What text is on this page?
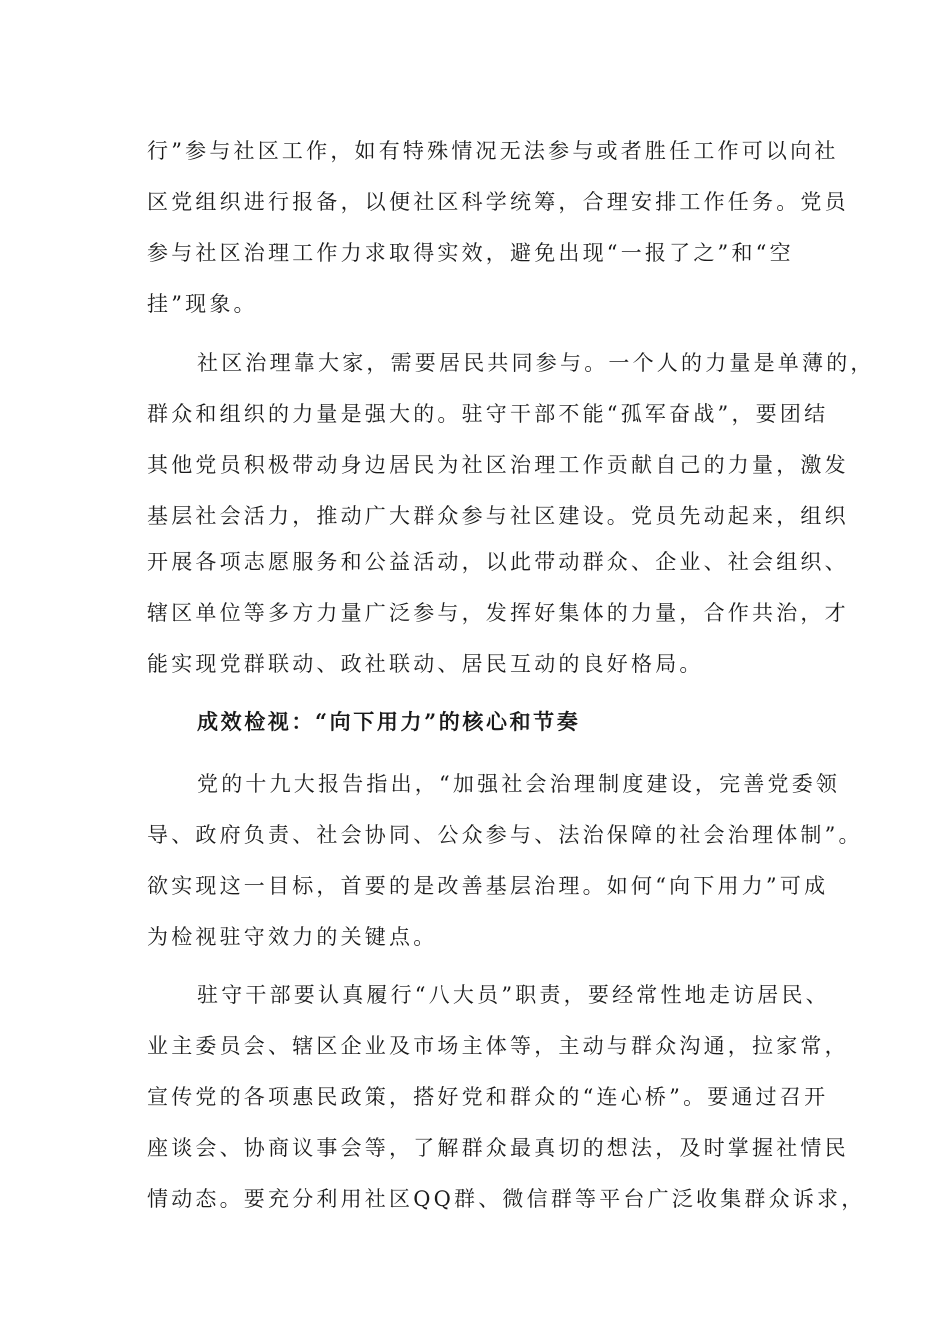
行”参与社区工作，如有特殊情况无法参与或者胜任工作可以向社
区党组织进行报备，以便社区科学统筹，合理安排工作任务。党员
参与社区治理工作力求取得实效，避免出现“一报了之”和“空
挂”现象。
社区治理靠大家，需要居民共同参与。一个人的力量是单薄的，
群众和组织的力量是强大的。驻守干部不能“孤军奋战”，要团结
其他党员积极带动身边居民为社区治理工作贡献自己的力量，激发
基层社会活力，推动广大群众参与社区建设。党员先动起来，组织
开展各项志愿服务和公益活动，以此带动群众、企业、社会组织、
辖区单位等多方力量广泛参与，发挥好集体的力量，合作共治，才
能实现党群联动、政社联动、居民互动的良好格局。
成效检视：“向下用力”的核心和节奏
党的十九大报告指出，“加强社会治理制度建设，完善党委领
导、政府负责、社会协同、公众参与、法治保障的社会治理体制”。
欲实现这一目标，首要的是改善基层治理。如何“向下用力”可成
为检视驻守效力的关键点。
驻守干部要认真履行“八大员”职责，要经常性地走访居民、
业主委员会、辖区企业及市场主体等，主动与群众沟通，拉家常，
宣传党的各项惠民政策，搭好党和群众的“连心桥”。要通过召开
座谈会、协商议事会等，了解群众最真切的想法，及时掌握社情民
情动态。要充分利用社区QQ群、微信群等平台广泛收集群众诉求，
